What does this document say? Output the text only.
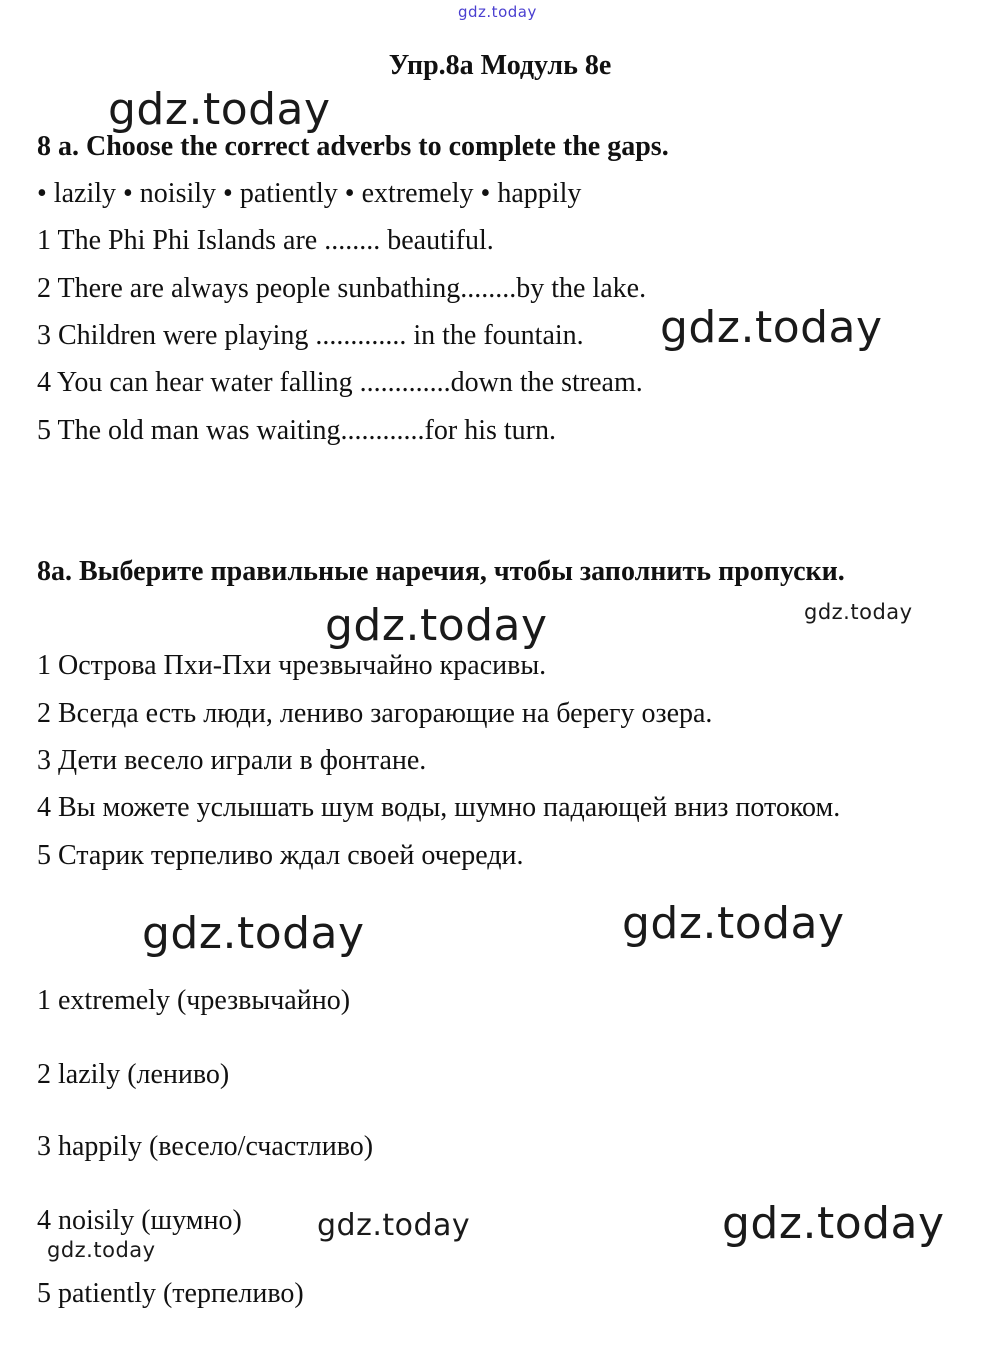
gdz.today
gdz.today
gdz.today
gdz.today	gdz.today
gdz.today	gdz.today
gdz.today
gdz.today
gdz.today
Упр.8а Модуль 8е
8 a. Choose the correct adverbs to complete the gaps.
• lazily • noisily • patiently • extremely • happily
1 The Phi Phi Islands are ........ beautiful.
2 There are always people sunbathing........by the lake.
3 Children were playing ............. in the fountain.
4 You can hear water falling .............down the stream.
5 The old man was waiting............for his turn.
8а. Выберите правильные наречия, чтобы заполнить пропуски.
1 Острова Пхи-Пхи чрезвычайно красивы.
2 Всегда есть люди, лениво загорающие на берегу озера.
3 Дети весело играли в фонтане.
4 Вы можете услышать шум воды, шумно падающей вниз потоком.
5 Старик терпеливо ждал своей очереди.
1 extremely (чрезвычайно)
2 lazily (лениво)
3 happily (весело/счастливо)
4 noisily (шумно)
5 patiently (терпеливо)
